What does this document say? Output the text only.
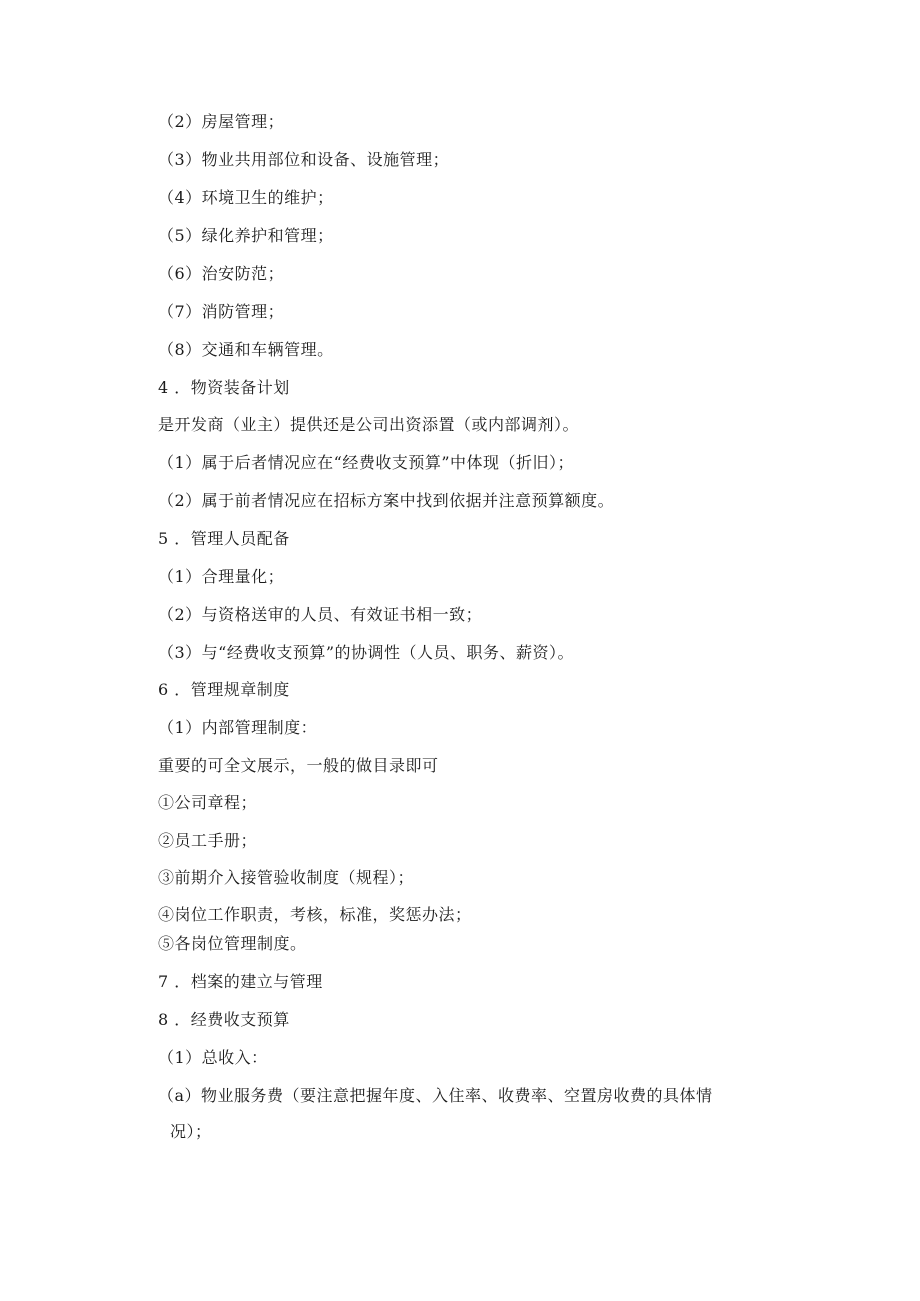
（2）房屋管理；
（3）物业共用部位和设备、设施管理；
（4）环境卫生的维护；
（5）绿化养护和管理；
（6）治安防范；
（7）消防管理；
（8）交通和车辆管理。
4 ．物资装备计划
是开发商（业主）提供还是公司出资添置（或内部调剂）。
（1）属于后者情况应在“经费收支预算”中体现（折旧）；
（2）属于前者情况应在招标方案中找到依据并注意预算额度。
5 ．管理人员配备
（1）合理量化；
（2）与资格送审的人员、有效证书相一致；
（3）与“经费收支预算”的协调性（人员、职务、薪资）。
6 ．管理规章制度
（1）内部管理制度：
重要的可全文展示，一般的做目录即可
①公司章程；
②员工手册；
③前期介入接管验收制度（规程）；
④岗位工作职责，考核，标准，奖惩办法；
⑤各岗位管理制度。
7 ．档案的建立与管理
8 ．经费收支预算
（1）总收入：
（a）物业服务费（要注意把握年度、入住率、收费率、空置房收费的具体情
况）；
